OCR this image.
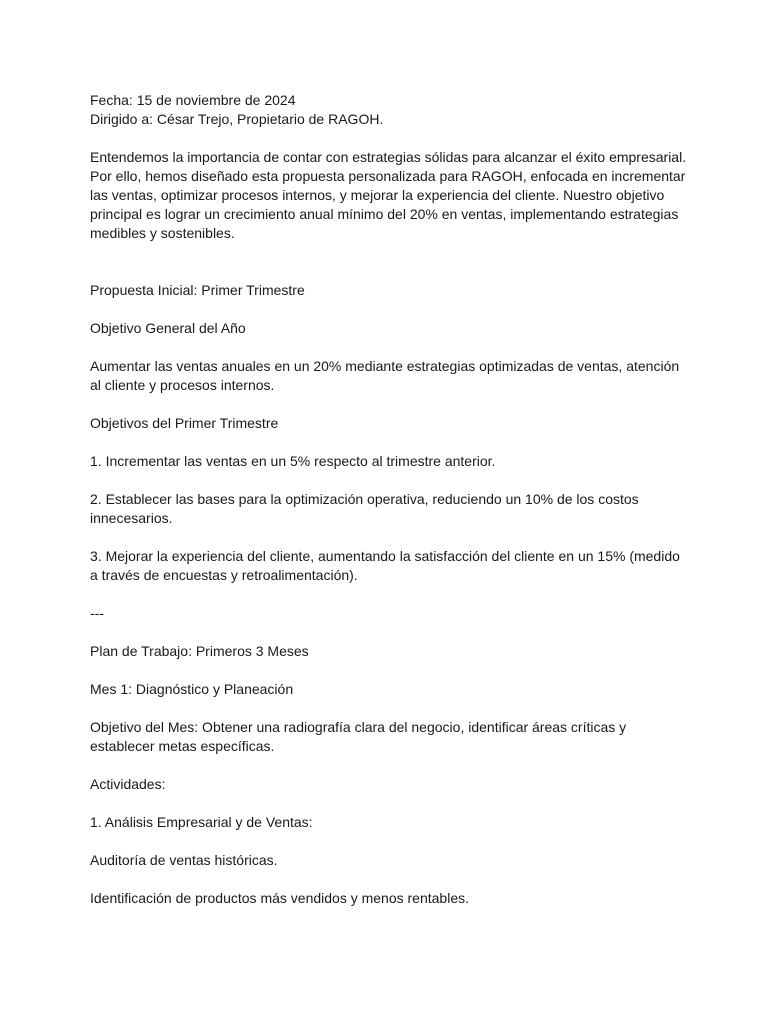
Fecha: 15 de noviembre de 2024

Dirigido a: César Trejo, Propietario de RAGOH.

Entendemos la importancia de contar con estrategias sólidas para alcanzar el éxito empresarial. Por ello, hemos diseñado esta propuesta personalizada para RAGOH, enfocada en incrementar las ventas, optimizar procesos internos, y mejorar la experiencia del cliente. Nuestro objetivo principal es lograr un crecimiento anual mínimo del 20% en ventas, implementando estrategias medibles y sostenibles.

Propuesta Inicial: Primer Trimestre

Objetivo General del Año

Aumentar las ventas anuales en un 20% mediante estrategias optimizadas de ventas, atención al cliente y procesos internos.

Objetivos del Primer Trimestre

1. Incrementar las ventas en un 5% respecto al trimestre anterior.

2. Establecer las bases para la optimización operativa, reduciendo un 10% de los costos innecesarios.

3. Mejorar la experiencia del cliente, aumentando la satisfacción del cliente en un 15% (medido a través de encuestas y retroalimentación).

---

Plan de Trabajo: Primeros 3 Meses

Mes 1: Diagnóstico y Planeación

Objetivo del Mes: Obtener una radiografía clara del negocio, identificar áreas críticas y establecer metas específicas.

Actividades:

1. Análisis Empresarial y de Ventas:

Auditoría de ventas históricas.

Identificación de productos más vendidos y menos rentables.
